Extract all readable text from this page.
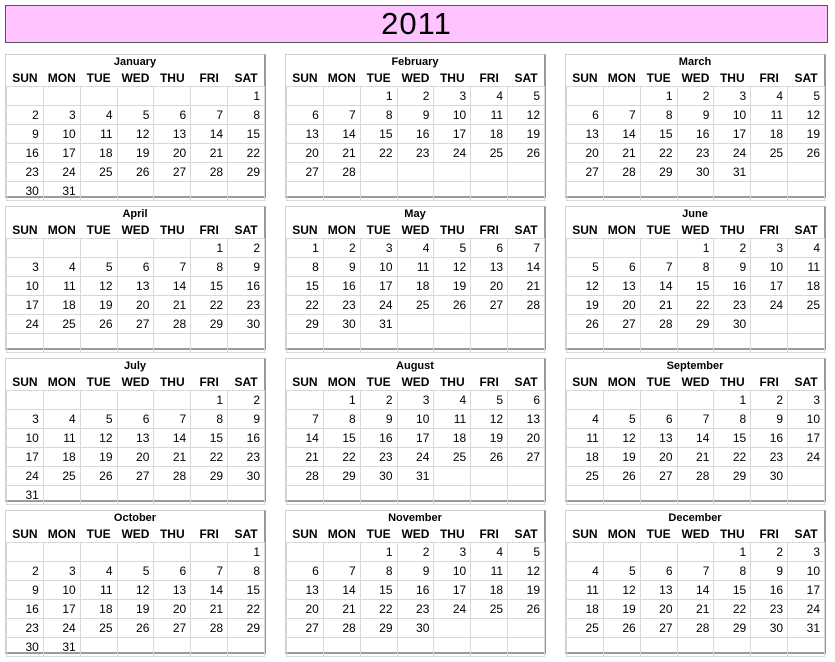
2011
January
SUN	MON	TUE	WED	THU	FRI	SAT
						1
2	3	4	5	6	7	8
9	10	11	12	13	14	15
16	17	18	19	20	21	22
23	24	25	26	27	28	29
30	31					
February
SUN	MON	TUE	WED	THU	FRI	SAT
		1	2	3	4	5
6	7	8	9	10	11	12
13	14	15	16	17	18	19
20	21	22	23	24	25	26
27	28					

March
SUN	MON	TUE	WED	THU	FRI	SAT
		1	2	3	4	5
6	7	8	9	10	11	12
13	14	15	16	17	18	19
20	21	22	23	24	25	26
27	28	29	30	31		

April
SUN	MON	TUE	WED	THU	FRI	SAT
					1	2
3	4	5	6	7	8	9
10	11	12	13	14	15	16
17	18	19	20	21	22	23
24	25	26	27	28	29	30

May
SUN	MON	TUE	WED	THU	FRI	SAT
1	2	3	4	5	6	7
8	9	10	11	12	13	14
15	16	17	18	19	20	21
22	23	24	25	26	27	28
29	30	31				

June
SUN	MON	TUE	WED	THU	FRI	SAT
			1	2	3	4
5	6	7	8	9	10	11
12	13	14	15	16	17	18
19	20	21	22	23	24	25
26	27	28	29	30		

July
SUN	MON	TUE	WED	THU	FRI	SAT
					1	2
3	4	5	6	7	8	9
10	11	12	13	14	15	16
17	18	19	20	21	22	23
24	25	26	27	28	29	30
31						
August
SUN	MON	TUE	WED	THU	FRI	SAT
	1	2	3	4	5	6
7	8	9	10	11	12	13
14	15	16	17	18	19	20
21	22	23	24	25	26	27
28	29	30	31			

September
SUN	MON	TUE	WED	THU	FRI	SAT
				1	2	3
4	5	6	7	8	9	10
11	12	13	14	15	16	17
18	19	20	21	22	23	24
25	26	27	28	29	30	

October
SUN	MON	TUE	WED	THU	FRI	SAT
						1
2	3	4	5	6	7	8
9	10	11	12	13	14	15
16	17	18	19	20	21	22
23	24	25	26	27	28	29
30	31					
November
SUN	MON	TUE	WED	THU	FRI	SAT
		1	2	3	4	5
6	7	8	9	10	11	12
13	14	15	16	17	18	19
20	21	22	23	24	25	26
27	28	29	30			

December
SUN	MON	TUE	WED	THU	FRI	SAT
				1	2	3
4	5	6	7	8	9	10
11	12	13	14	15	16	17
18	19	20	21	22	23	24
25	26	27	28	29	30	31
